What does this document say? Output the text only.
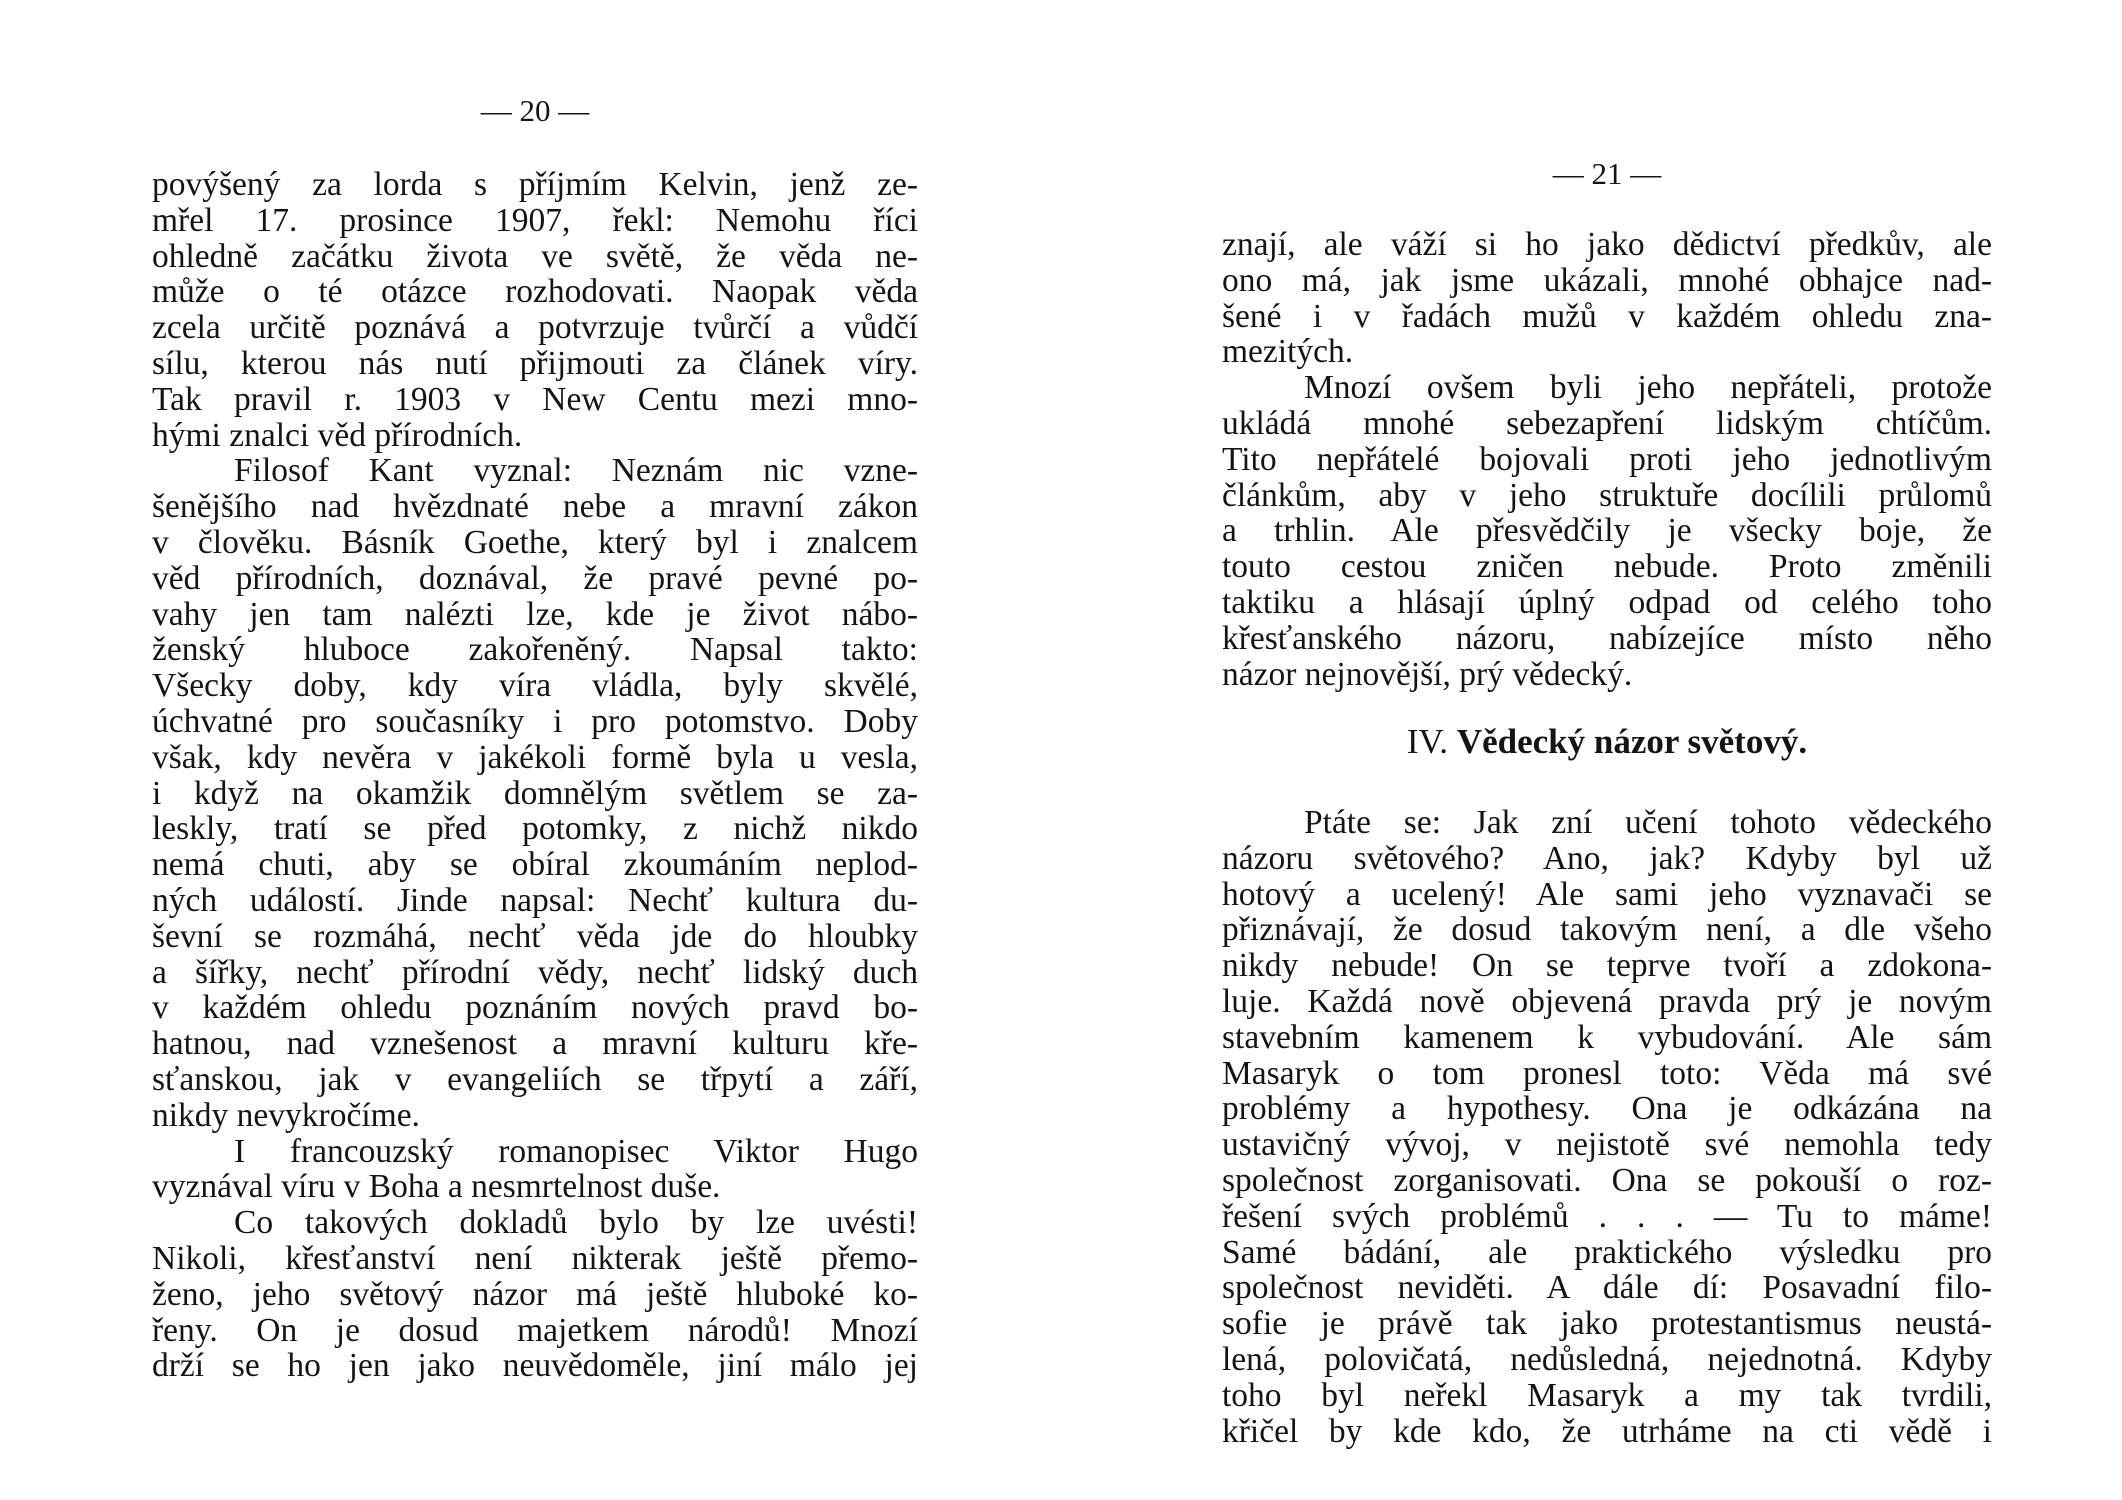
— 20 —
povýšený za lorda s příjmím Kelvin, jenž ze-
mřel 17. prosince 1907, řekl: Nemohu říci
ohledně začátku života ve světě, že věda ne-
může o té otázce rozhodovati. Naopak věda
zcela určitě poznává a potvrzuje tvůrčí a vůdčí
sílu, kterou nás nutí přijmouti za článek víry.
Tak pravil r. 1903 v New Centu mezi mno-
hými znalci věd přírodních.
Filosof Kant vyznal: Neznám nic vzne-
šenějšího nad hvězdnaté nebe a mravní zákon
v člověku. Básník Goethe, který byl i znalcem
věd přírodních, doznával, že pravé pevné po-
vahy jen tam nalézti lze, kde je život nábo-
ženský hluboce zakořeněný. Napsal takto:
Všecky doby, kdy víra vládla, byly skvělé,
úchvatné pro současníky i pro potomstvo. Doby
však, kdy nevěra v jakékoli formě byla u vesla,
i když na okamžik domnělým světlem se za-
leskly, tratí se před potomky, z nichž nikdo
nemá chuti, aby se obíral zkoumáním neplod-
ných událostí. Jinde napsal: Nechť kultura du-
ševní se rozmáhá, nechť věda jde do hloubky
a šířky, nechť přírodní vědy, nechť lidský duch
v každém ohledu poznáním nových pravd bo-
hatnou, nad vznešenost a mravní kulturu kře-
sťanskou, jak v evangeliích se třpytí a září,
nikdy nevykročíme.
I francouzský romanopisec Viktor Hugo
vyznával víru v Boha a nesmrtelnost duše.
Co takových dokladů bylo by lze uvésti!
Nikoli, křesťanství není nikterak ještě přemo-
ženo, jeho světový názor má ještě hluboké ko-
řeny. On je dosud majetkem národů! Mnozí
drží se ho jen jako neuvědoměle, jiní málo jej
— 21 —
znají, ale váží si ho jako dědictví předkův, ale
ono má, jak jsme ukázali, mnohé obhajce nad-
šené i v řadách mužů v každém ohledu zna-
mezitých.
Mnozí ovšem byli jeho nepřáteli, protože
ukládá mnohé sebezapření lidským chtíčům.
Tito nepřátelé bojovali proti jeho jednotlivým
článkům, aby v jeho struktuře docílili průlomů
a trhlin. Ale přesvědčily je všecky boje, že
touto cestou zničen nebude. Proto změnili
taktiku a hlásají úplný odpad od celého toho
křesťanského názoru, nabízejíce místo něho
názor nejnovější, prý vědecký.
IV. Vědecký názor světový.
Ptáte se: Jak zní učení tohoto vědeckého
názoru světového? Ano, jak? Kdyby byl už
hotový a ucelený! Ale sami jeho vyznavači se
přiznávají, že dosud takovým není, a dle všeho
nikdy nebude! On se teprve tvoří a zdokona-
luje. Každá nově objevená pravda prý je novým
stavebním kamenem k vybudování. Ale sám
Masaryk o tom pronesl toto: Věda má své
problémy a hypothesy. Ona je odkázána na
ustavičný vývoj, v nejistotě své nemohla tedy
společnost zorganisovati. Ona se pokouší o roz-
řešení svých problémů . . . — Tu to máme!
Samé bádání, ale praktického výsledku pro
společnost neviděti. A dále dí: Posavadní filo-
sofie je právě tak jako protestantismus neustá-
lená, polovičatá, nedůsledná, nejednotná. Kdyby
toho byl neřekl Masaryk a my tak tvrdili,
křičel by kde kdo, že utrháme na cti vědě i
